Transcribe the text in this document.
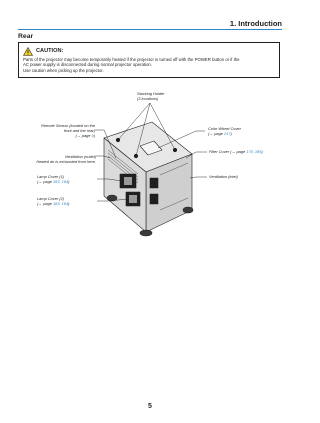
1. Introduction
Rear
CAUTION:
Parts of the projector may become temporarily heated if the projector is turned off with the POWER button or if the
AC power supply is disconnected during normal projector operation.
Use caution when picking up the projector.
Stacking Holder
(3 locations)
Remote Sensor (located on the
front and the rear)
(→ page 9)
Ventilation (outlet)
Heated air is exhausted from here.
Lamp Cover (1)
(→ page 183, 184)
Lamp Cover (2)
(→ page 183, 184)
Color Wheel Cover
(→ page 217)
Filter Cover (→ page 179, 185)
Ventilation (inlet)
5
